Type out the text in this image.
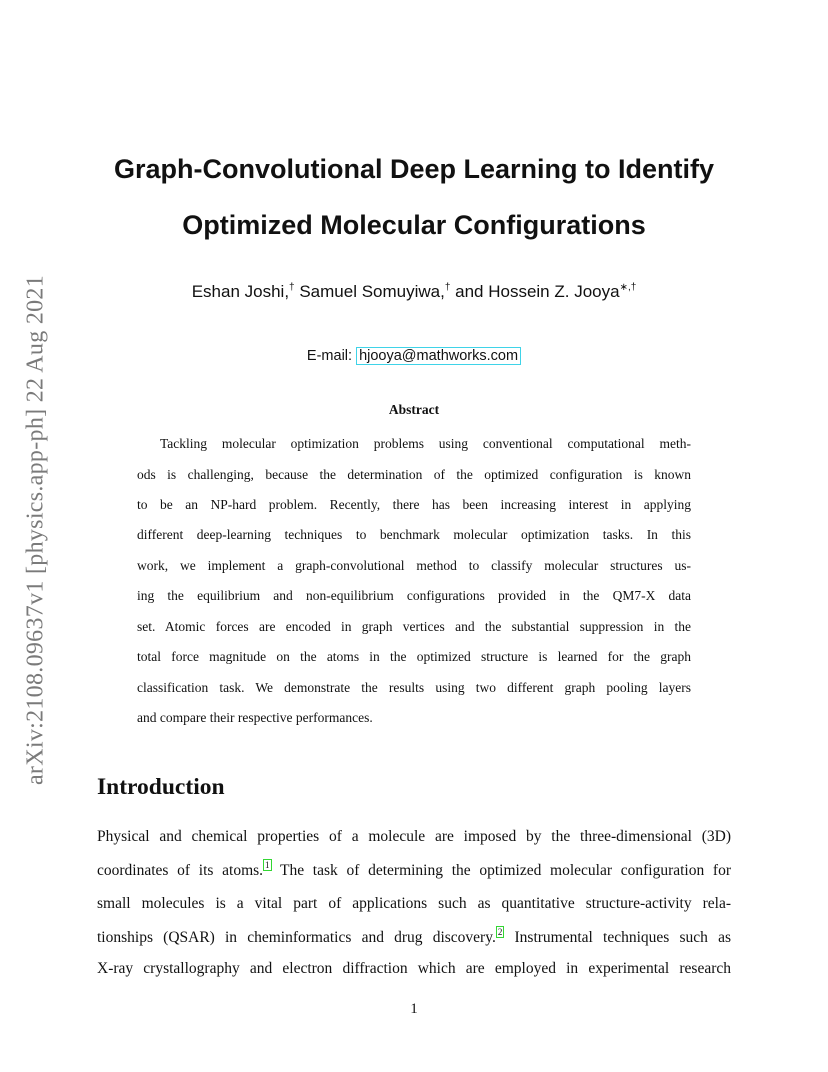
arXiv:2108.09637v1 [physics.app-ph] 22 Aug 2021
Graph-Convolutional Deep Learning to Identify
Optimized Molecular Configurations
Eshan Joshi,† Samuel Somuyiwa,† and Hossein Z. Jooya∗,†
E-mail: hjooya@mathworks.com
Abstract
Tackling molecular optimization problems using conventional computational meth-
ods is challenging, because the determination of the optimized configuration is known
to be an NP-hard problem. Recently, there has been increasing interest in applying
different deep-learning techniques to benchmark molecular optimization tasks. In this
work, we implement a graph-convolutional method to classify molecular structures us-
ing the equilibrium and non-equilibrium configurations provided in the QM7-X data
set. Atomic forces are encoded in graph vertices and the substantial suppression in the
total force magnitude on the atoms in the optimized structure is learned for the graph
classification task. We demonstrate the results using two different graph pooling layers
and compare their respective performances.
Introduction
Physical and chemical properties of a molecule are imposed by the three-dimensional (3D)
coordinates of its atoms. $^1$ The task of determining the optimized molecular configuration for
small molecules is a vital part of applications such as quantitative structure-activity rela-
tionships (QSAR) in cheminformatics and drug discovery. $^2$ Instrumental techniques such as
X-ray crystallography and electron diffraction which are employed in experimental research
1
